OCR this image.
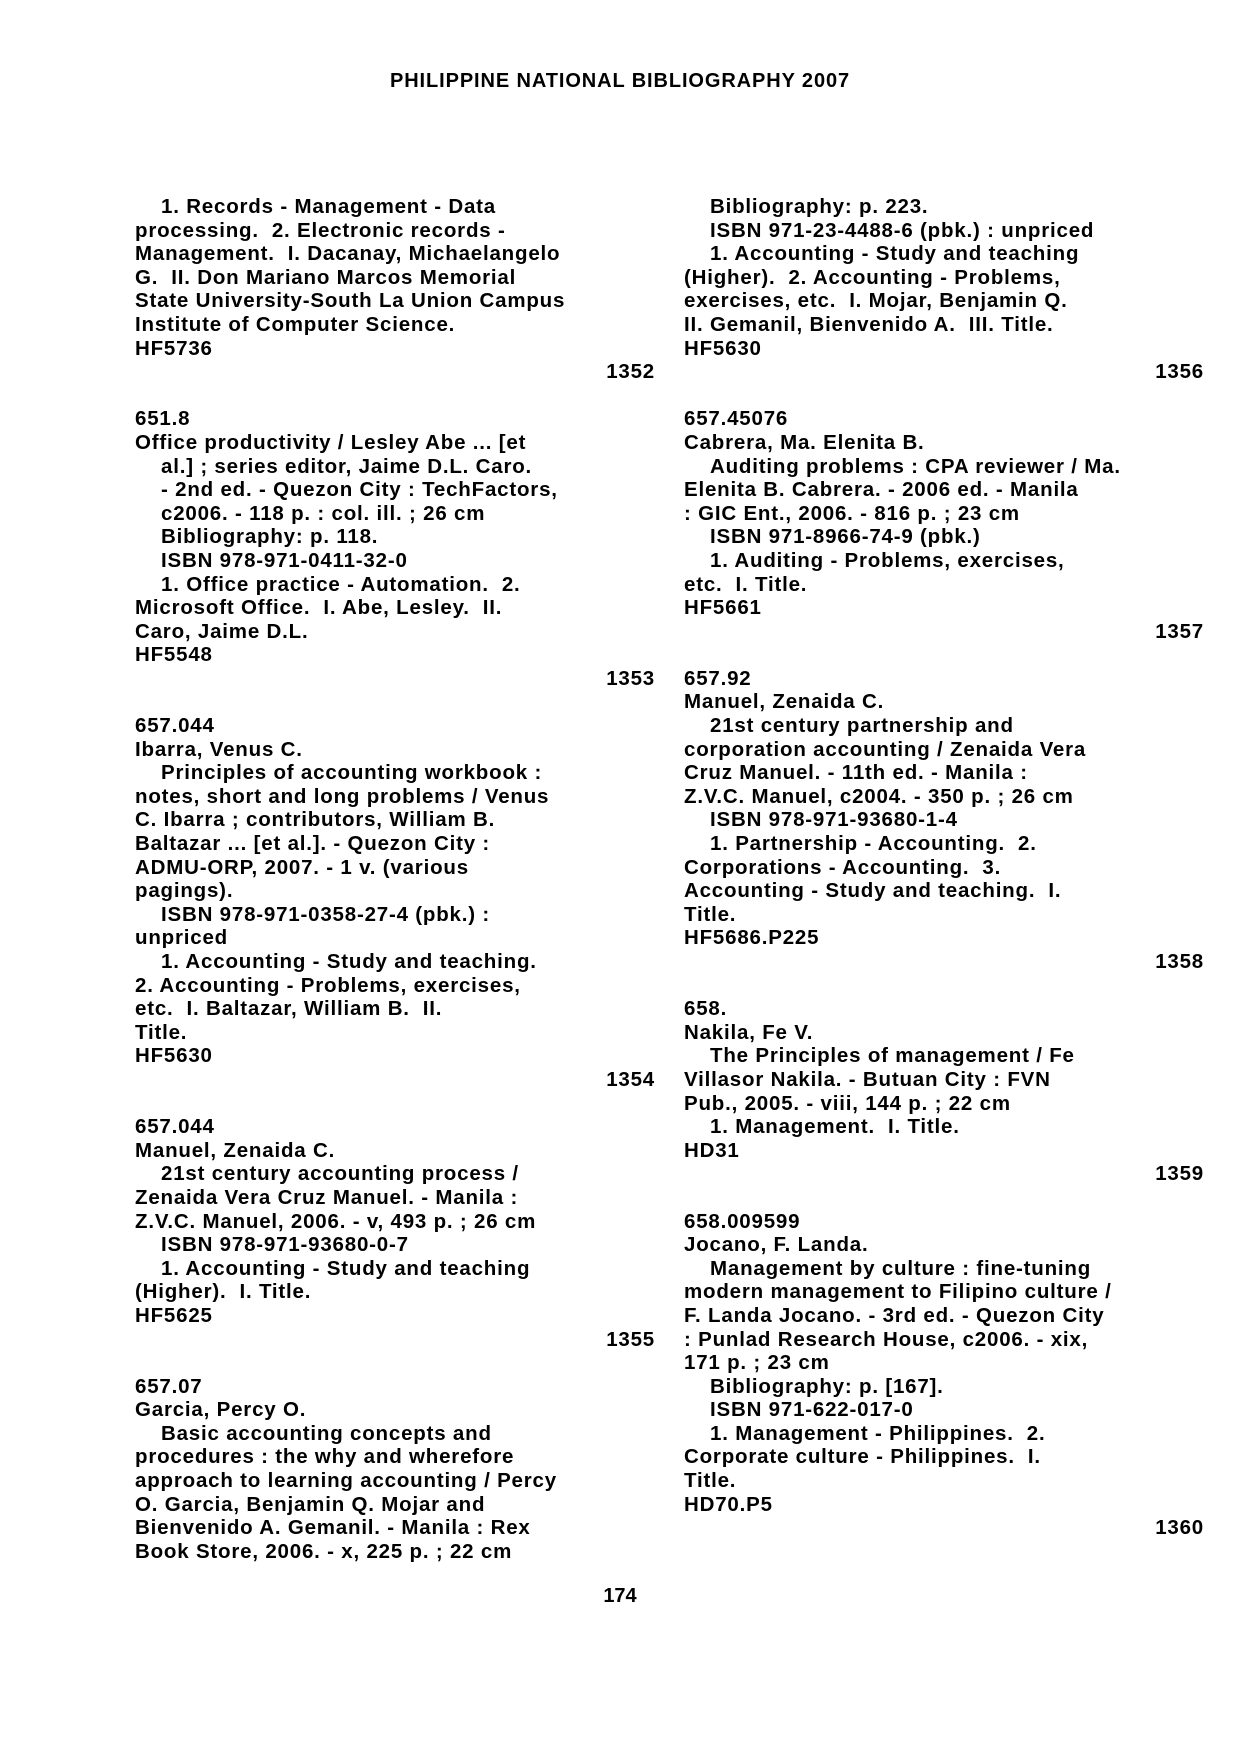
PHILIPPINE NATIONAL BIBLIOGRAPHY 2007
1. Records - Management - Data
processing.  2. Electronic records -
Management.  I. Dacanay, Michaelangelo
G.  II. Don Mariano Marcos Memorial
State University-South La Union Campus
Institute of Computer Science.
HF5736
1352
651.8
Office productivity / Lesley Abe ... [et
al.] ; series editor, Jaime D.L. Caro.
- 2nd ed. - Quezon City : TechFactors,
c2006. - 118 p. : col. ill. ; 26 cm
Bibliography: p. 118.
ISBN 978-971-0411-32-0
1. Office practice - Automation.  2.
Microsoft Office.  I. Abe, Lesley.  II.
Caro, Jaime D.L.
HF5548
1353
657.044
Ibarra, Venus C.
Principles of accounting workbook :
notes, short and long problems / Venus
C. Ibarra ; contributors, William B.
Baltazar ... [et al.]. - Quezon City :
ADMU-ORP, 2007. - 1 v. (various
pagings).
ISBN 978-971-0358-27-4 (pbk.) :
unpriced
1. Accounting - Study and teaching.
2. Accounting - Problems, exercises,
etc.  I. Baltazar, William B.  II.
Title.
HF5630
1354
657.044
Manuel, Zenaida C.
21st century accounting process /
Zenaida Vera Cruz Manuel. - Manila :
Z.V.C. Manuel, 2006. - v, 493 p. ; 26 cm
ISBN 978-971-93680-0-7
1. Accounting - Study and teaching
(Higher).  I. Title.
HF5625
1355
657.07
Garcia, Percy O.
Basic accounting concepts and
procedures : the why and wherefore
approach to learning accounting / Percy
O. Garcia, Benjamin Q. Mojar and
Bienvenido A. Gemanil. - Manila : Rex
Book Store, 2006. - x, 225 p. ; 22 cm
Bibliography: p. 223.
ISBN 971-23-4488-6 (pbk.) : unpriced
1. Accounting - Study and teaching
(Higher).  2. Accounting - Problems,
exercises, etc.  I. Mojar, Benjamin Q.
II. Gemanil, Bienvenido A.  III. Title.
HF5630
1356
657.45076
Cabrera, Ma. Elenita B.
Auditing problems : CPA reviewer / Ma.
Elenita B. Cabrera. - 2006 ed. - Manila
: GIC Ent., 2006. - 816 p. ; 23 cm
ISBN 971-8966-74-9 (pbk.)
1. Auditing - Problems, exercises,
etc.  I. Title.
HF5661
1357
657.92
Manuel, Zenaida C.
21st century partnership and
corporation accounting / Zenaida Vera
Cruz Manuel. - 11th ed. - Manila :
Z.V.C. Manuel, c2004. - 350 p. ; 26 cm
ISBN 978-971-93680-1-4
1. Partnership - Accounting.  2.
Corporations - Accounting.  3.
Accounting - Study and teaching.  I.
Title.
HF5686.P225
1358
658.
Nakila, Fe V.
The Principles of management / Fe
Villasor Nakila. - Butuan City : FVN
Pub., 2005. - viii, 144 p. ; 22 cm
1. Management.  I. Title.
HD31
1359
658.009599
Jocano, F. Landa.
Management by culture : fine-tuning
modern management to Filipino culture /
F. Landa Jocano. - 3rd ed. - Quezon City
: Punlad Research House, c2006. - xix,
171 p. ; 23 cm
Bibliography: p. [167].
ISBN 971-622-017-0
1. Management - Philippines.  2.
Corporate culture - Philippines.  I.
Title.
HD70.P5
1360
174
